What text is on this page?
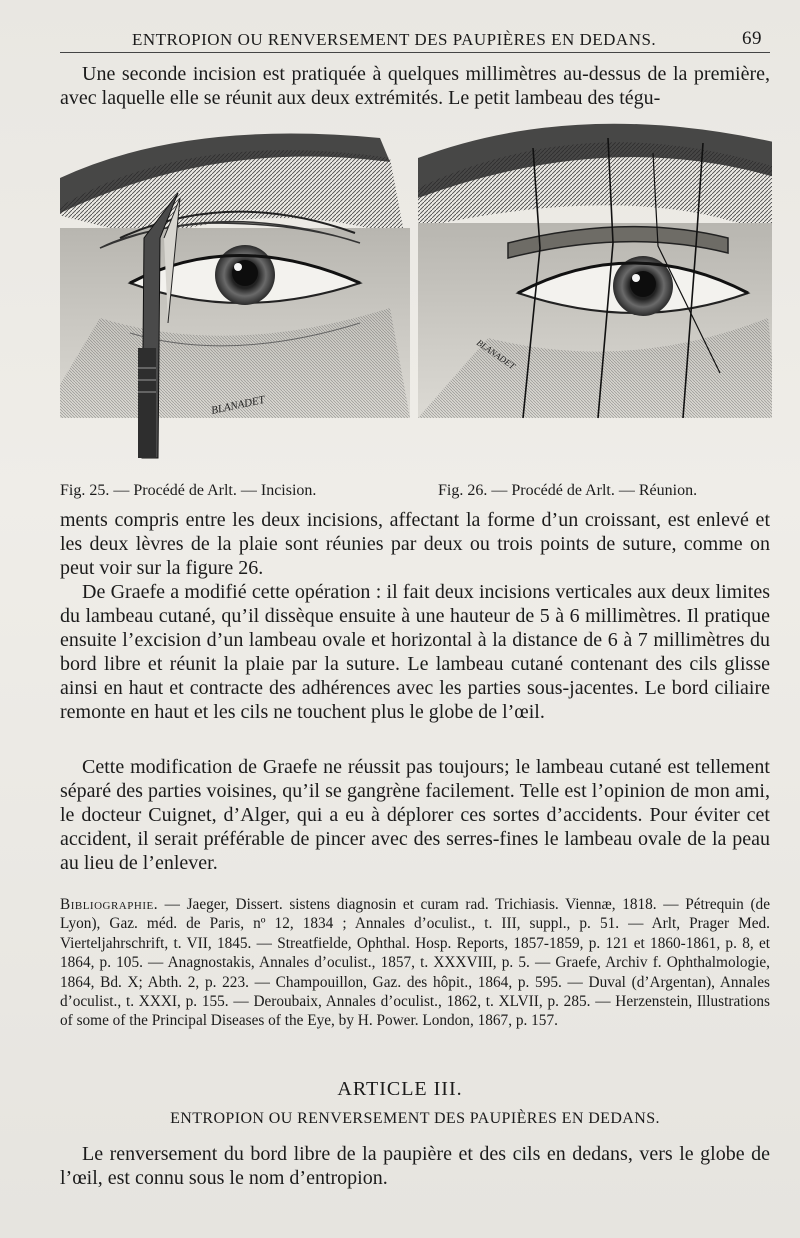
ENTROPION OU RENVERSEMENT DES PAUPIÈRES EN DEDANS.	69
Une seconde incision est pratiquée à quelques millimètres au-dessus de la première, avec laquelle elle se réunit aux deux extrémités. Le petit lambeau des tégu-
BLANADET
BLANADET
Fig. 25. — Procédé de Arlt. — Incision.	Fig. 26. — Procédé de Arlt. — Réunion.
ments compris entre les deux incisions, affectant la forme d’un croissant, est enlevé et les deux lèvres de la plaie sont réunies par deux ou trois points de suture, comme on peut voir sur la figure 26.
De Graefe a modifié cette opération : il fait deux incisions verticales aux deux limites du lambeau cutané, qu’il dissèque ensuite à une hauteur de 5 à 6 millimètres. Il pratique ensuite l’excision d’un lambeau ovale et horizontal à la distance de 6 à 7 millimètres du bord libre et réunit la plaie par la suture. Le lambeau cutané contenant des cils glisse ainsi en haut et contracte des adhérences avec les parties sous-jacentes. Le bord ciliaire remonte en haut et les cils ne touchent plus le globe de l’œil.
Cette modification de Graefe ne réussit pas toujours; le lambeau cutané est tellement séparé des parties voisines, qu’il se gangrène facilement. Telle est l’opinion de mon ami, le docteur Cuignet, d’Alger, qui a eu à déplorer ces sortes d’accidents. Pour éviter cet accident, il serait préférable de pincer avec des serres-fines le lambeau ovale de la peau au lieu de l’enlever.
Bibliographie. — Jaeger, Dissert. sistens diagnosin et curam rad. Trichiasis. Viennæ, 1818. — Pétrequin (de Lyon), Gaz. méd. de Paris, nº 12, 1834 ; Annales d’oculist., t. III, suppl., p. 51. — Arlt, Prager Med. Vierteljahrschrift, t. VII, 1845. — Streatfielde, Ophthal. Hosp. Reports, 1857-1859, p. 121 et 1860-1861, p. 8, et 1864, p. 105. — Anagnostakis, Annales d’oculist., 1857, t. XXXVIII, p. 5. — Graefe, Archiv f. Ophthalmologie, 1864, Bd. X; Abth. 2, p. 223. — Champouillon, Gaz. des hôpit., 1864, p. 595. — Duval (d’Argentan), Annales d’oculist., t. XXXI, p. 155. — Deroubaix, Annales d’oculist., 1862, t. XLVII, p. 285. — Herzenstein, Illustrations of some of the Principal Diseases of the Eye, by H. Power. London, 1867, p. 157.
ARTICLE III.
ENTROPION OU RENVERSEMENT DES PAUPIÈRES EN DEDANS.
Le renversement du bord libre de la paupière et des cils en dedans, vers le globe de l’œil, est connu sous le nom d’entropion.
